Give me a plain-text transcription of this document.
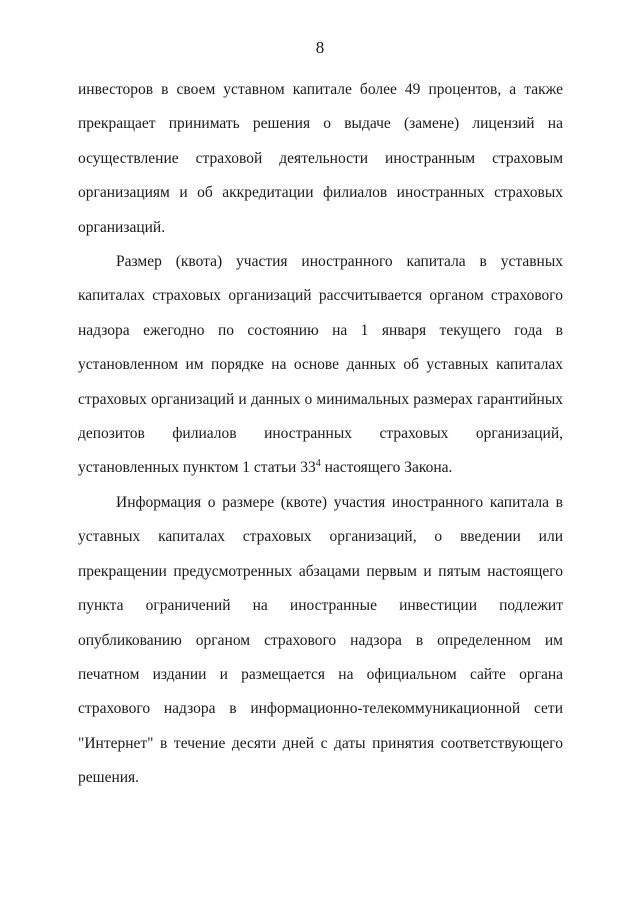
8

инвесторов в своем уставном капитале более 49 процентов, а также прекращает принимать решения о выдаче (замене) лицензий на осуществление страховой деятельности иностранным страховым организациям и об аккредитации филиалов иностранных страховых организаций.

Размер (квота) участия иностранного капитала в уставных капиталах страховых организаций рассчитывается органом страхового надзора ежегодно по состоянию на 1 января текущего года в установленном им порядке на основе данных об уставных капиталах страховых организаций и данных о минимальных размерах гарантийных депозитов филиалов иностранных страховых организаций, установленных пунктом 1 статьи $33^4$ настоящего Закона.

Информация о размере (квоте) участия иностранного капитала в уставных капиталах страховых организаций, о введении или прекращении предусмотренных абзацами первым и пятым настоящего пункта ограничений на иностранные инвестиции подлежит опубликованию органом страхового надзора в определенном им печатном издании и размещается на официальном сайте органа страхового надзора в информационно-телекоммуникационной сети "Интернет" в течение десяти дней с даты принятия соответствующего решения.
